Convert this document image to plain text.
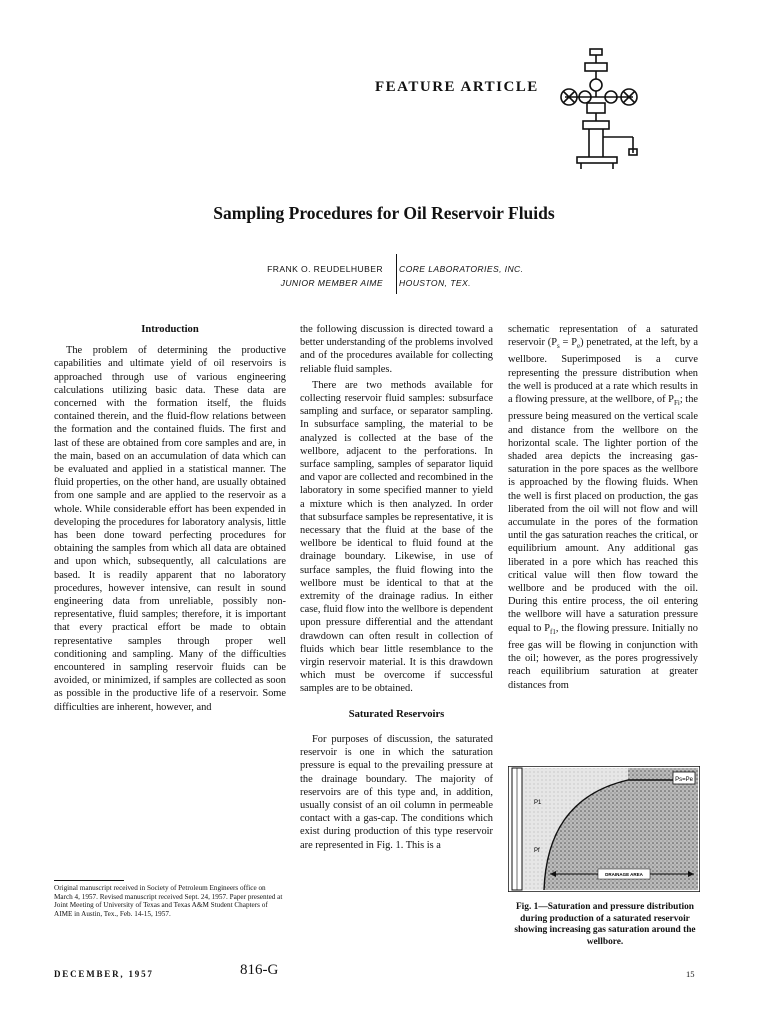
FEATURE ARTICLE
Sampling Procedures for Oil Reservoir Fluids
FRANK O. REUDELHUBER
JUNIOR MEMBER AIME
CORE LABORATORIES, INC.
HOUSTON, TEX.
Introduction

The problem of determining the productive capabilities and ultimate yield of oil reservoirs is approached through use of various engineering calculations utilizing basic data. These data are concerned with the formation itself, the fluids contained therein, and the fluid-flow relations between the formation and the contained fluids. The first and last of these are obtained from core samples and are, in the main, based on an accumulation of data which can be evaluated and applied in a statistical manner. The fluid properties, on the other hand, are usually obtained from one sample and are applied to the reservoir as a whole. While considerable effort has been expended in developing the procedures for laboratory analysis, little has been done toward perfecting procedures for obtaining the samples from which all data are obtained and upon which, subsequently, all calculations are based. It is readily apparent that no laboratory procedures, however intensive, can result in sound engineering data from unreliable, possibly non-representative, fluid samples; therefore, it is important that every practical effort be made to obtain representative samples through proper well conditioning and sampling. Many of the difficulties encountered in sampling reservoir fluids can be avoided, or minimized, if samples are collected as soon as possible in the productive life of a reservoir. Some difficulties are inherent, however, and

Original manuscript received in Society of Petroleum Engineers office on March 4, 1957. Revised manuscript received Sept. 24, 1957. Paper presented at Joint Meeting of University of Texas and Texas A&M Student Chapters of AIME in Austin, Tex., Feb. 14-15, 1957.

the following discussion is directed toward a better understanding of the problems involved and of the procedures available for collecting reliable fluid samples.

There are two methods available for collecting reservoir fluid samples: subsurface sampling and surface, or separator sampling. In subsurface sampling, the material to be analyzed is collected at the base of the wellbore, adjacent to the perforations. In surface sampling, samples of separator liquid and vapor are collected and recombined in the laboratory in some specified manner to yield a mixture which is then analyzed. In order that subsurface samples be representative, it is necessary that the fluid at the base of the wellbore be identical to fluid found at the drainage boundary. Likewise, in use of surface samples, the fluid flowing into the wellbore must be identical to that at the extremity of the drainage radius. In either case, fluid flow into the wellbore is dependent upon pressure differential and the attendant drawdown can often result in collection of fluids which bear little resemblance to the virgin reservoir material. It is this drawdown which must be overcome if successful samples are to be obtained.

Saturated Reservoirs

For purposes of discussion, the saturated reservoir is one in which the saturation pressure is equal to the prevailing pressure at the drainage boundary. The majority of reservoirs are of this type and, in addition, usually consist of an oil column in permeable contact with a gas-cap. The conditions which exist during production of this type reservoir are represented in Fig. 1. This is a

schematic representation of a saturated reservoir $(P_s = P_e)$ penetrated, at the left, by a wellbore. Superimposed is a curve representing the pressure distribution when the well is produced at a rate which results in a flowing pressure, at the wellbore, of $P_{Fi}$; the pressure being measured on the vertical scale and distance from the wellbore on the horizontal scale. The lighter portion of the shaded area depicts the increasing gas-saturation in the pore spaces as the wellbore is approached by the flowing fluids. When the well is first placed on production, the gas liberated from the oil will not flow and will accumulate in the pores of the formation until the gas saturation reaches the critical, or equilibrium amount. Any additional gas liberated in a pore which has reached this critical value will then flow toward the wellbore and be produced with the oil. During this entire process, the oil entering the wellbore will have a saturation pressure equal to $P_{f1}$, the flowing pressure. Initially no free gas will be flowing in conjunction with the oil; however, as the pores progressively reach equilibrium saturation at greater distances from

Ps=Pe
P1
Pf
DRAINAGE AREA
Fig. 1—Saturation and pressure distribution during production of a saturated reservoir showing increasing gas saturation around the wellbore.
DECEMBER, 1957	816-G	15
